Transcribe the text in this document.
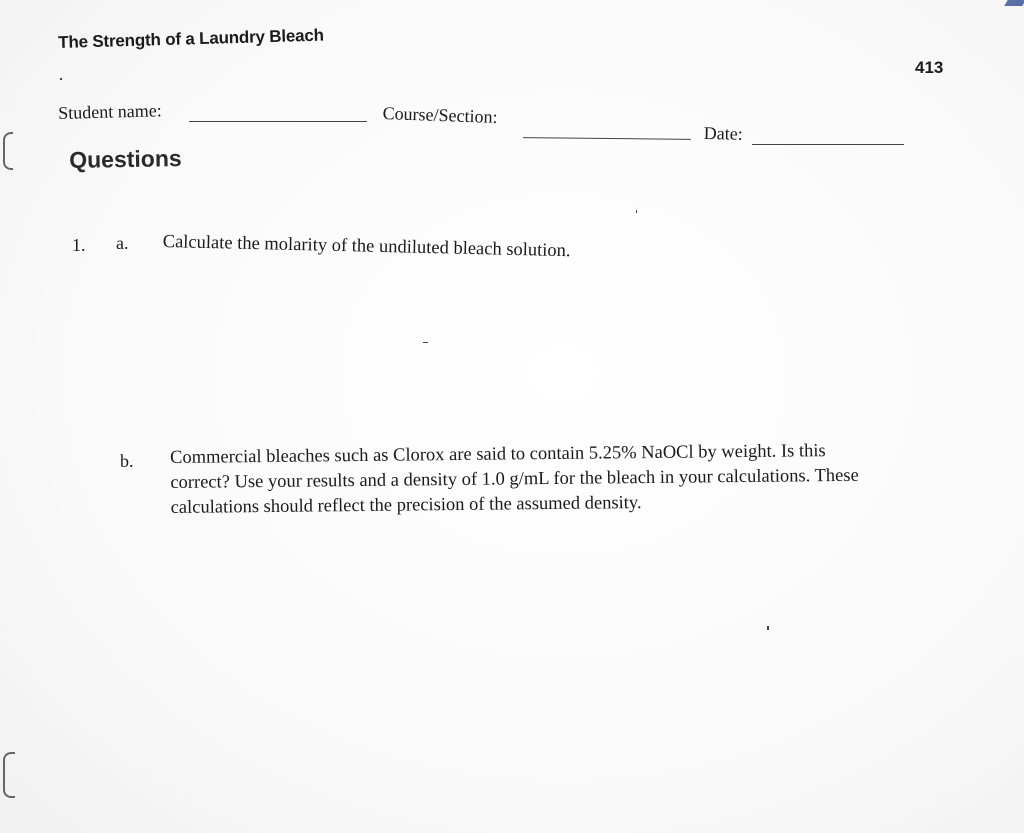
The Strength of a Laundry Bleach
413
Student name:	Course/Section:
Date:
Questions
1. a. Calculate the molarity of the undiluted bleach solution.
b. Commercial bleaches such as Clorox are said to contain 5.25% NaOCl by weight. Is this correct? Use your results and a density of 1.0 g/mL for the bleach in your calculations. These calculations should reflect the precision of the assumed density.
